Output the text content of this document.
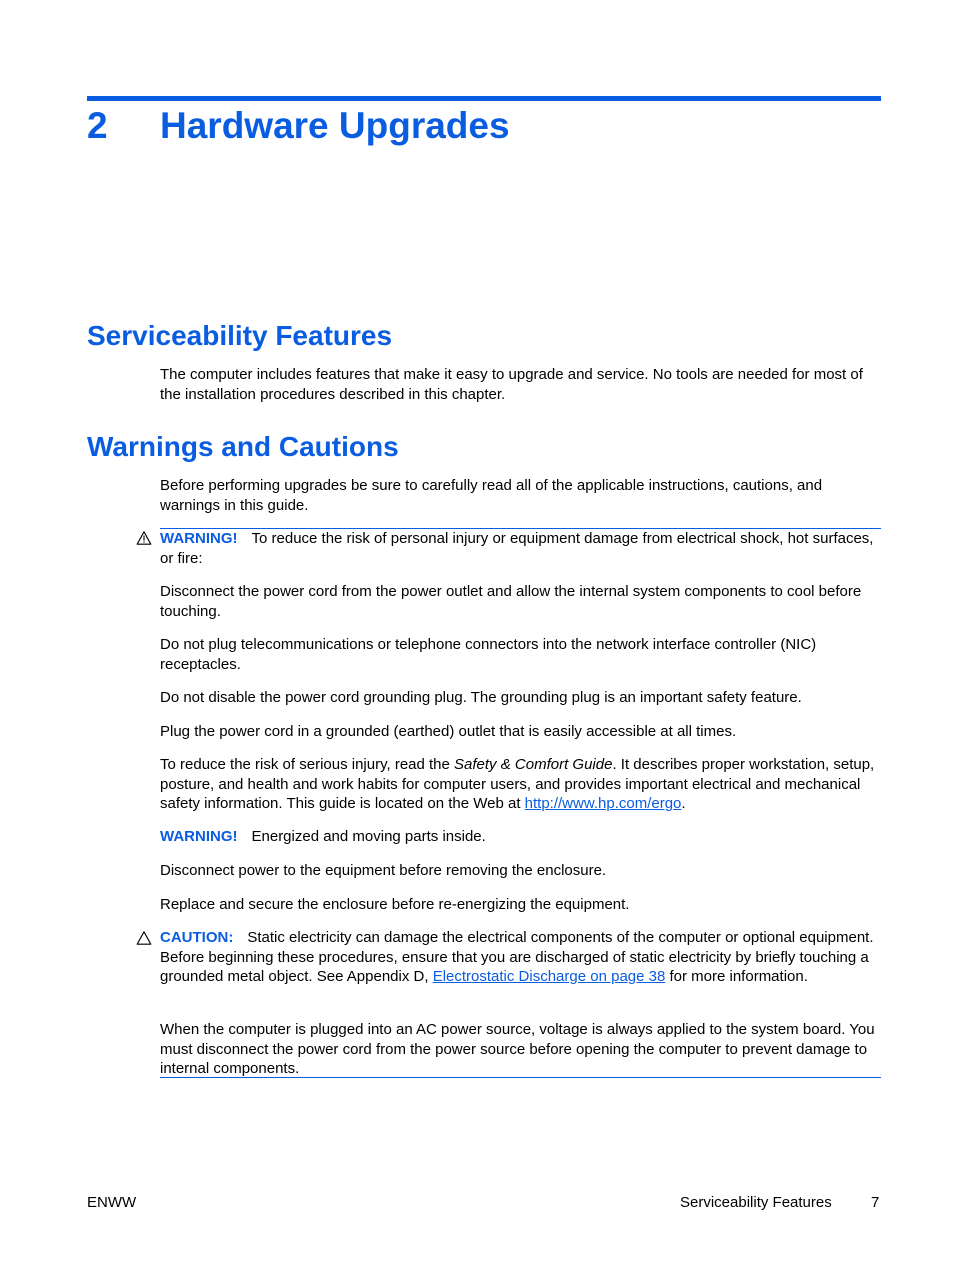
2 Hardware Upgrades
Serviceability Features

The computer includes features that make it easy to upgrade and service. No tools are needed for most of the installation procedures described in this chapter.

Warnings and Cautions

Before performing upgrades be sure to carefully read all of the applicable instructions, cautions, and warnings in this guide.

WARNING! To reduce the risk of personal injury or equipment damage from electrical shock, hot surfaces, or fire:

Disconnect the power cord from the power outlet and allow the internal system components to cool before touching.

Do not plug telecommunications or telephone connectors into the network interface controller (NIC) receptacles.

Do not disable the power cord grounding plug. The grounding plug is an important safety feature.

Plug the power cord in a grounded (earthed) outlet that is easily accessible at all times.

To reduce the risk of serious injury, read the Safety & Comfort Guide. It describes proper workstation, setup, posture, and health and work habits for computer users, and provides important electrical and mechanical safety information. This guide is located on the Web at http://www.hp.com/ergo.

WARNING! Energized and moving parts inside.

Disconnect power to the equipment before removing the enclosure.

Replace and secure the enclosure before re-energizing the equipment.

CAUTION: Static electricity can damage the electrical components of the computer or optional equipment. Before beginning these procedures, ensure that you are discharged of static electricity by briefly touching a grounded metal object. See Appendix D, Electrostatic Discharge on page 38 for more information.

When the computer is plugged into an AC power source, voltage is always applied to the system board. You must disconnect the power cord from the power source before opening the computer to prevent damage to internal components.

ENWW	Serviceability Features	7
